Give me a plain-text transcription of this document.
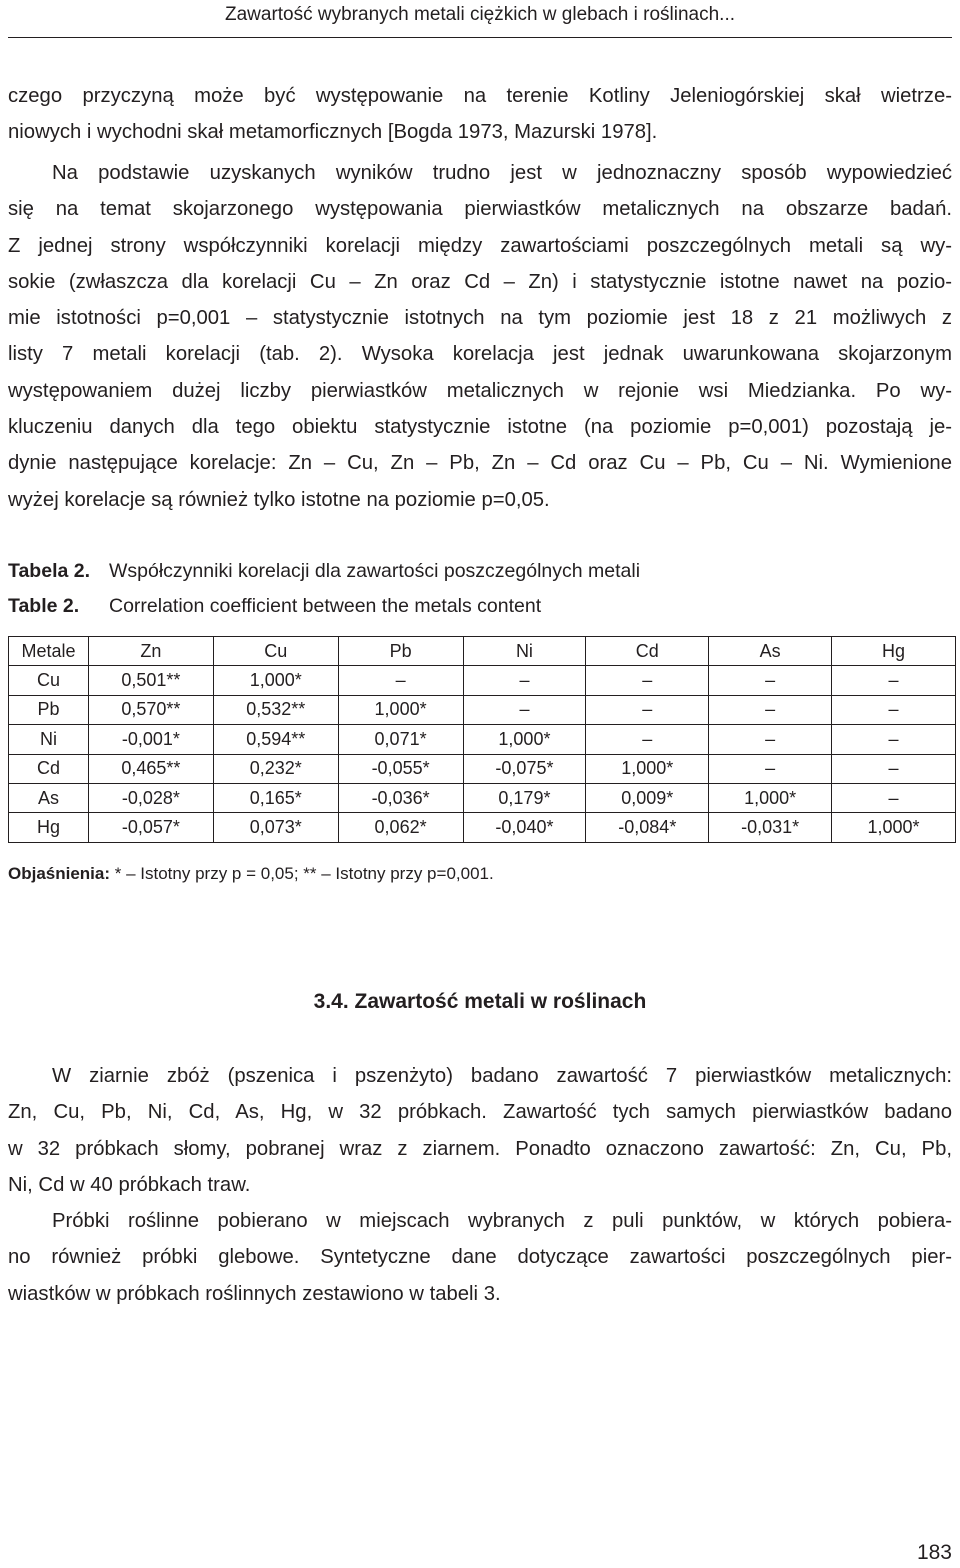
Zawartość wybranych metali ciężkich w glebach i roślinach...
czego przyczyną może być występowanie na terenie Kotliny Jeleniogórskiej skał wietrze-
niowych i wychodni skał metamorficznych [Bogda 1973, Mazurski 1978].
Na podstawie uzyskanych wyników trudno jest w jednoznaczny sposób wypowiedzieć
się na temat skojarzonego występowania pierwiastków metalicznych na obszarze badań.
Z jednej strony współczynniki korelacji między zawartościami poszczególnych metali są wy-
sokie (zwłaszcza dla korelacji Cu – Zn oraz Cd – Zn) i statystycznie istotne nawet na pozio-
mie istotności p=0,001 – statystycznie istotnych na tym poziomie jest 18 z 21 możliwych z
listy 7 metali korelacji (tab. 2). Wysoka korelacja jest jednak uwarunkowana skojarzonym
występowaniem dużej liczby pierwiastków metalicznych w rejonie wsi Miedzianka. Po wy-
kluczeniu danych dla tego obiektu statystycznie istotne (na poziomie p=0,001) pozostają je-
dynie następujące korelacje: Zn – Cu, Zn – Pb, Zn – Cd oraz Cu – Pb, Cu – Ni. Wymienione
wyżej korelacje są również tylko istotne na poziomie p=0,05.
Tabela 2. Współczynniki korelacji dla zawartości poszczególnych metali
Table 2. Correlation coefficient between the metals content
Metale	Zn	Cu	Pb	Ni	Cd	As	Hg
Cu	0,501**	1,000*	–	–	–	–	–
Pb	0,570**	0,532**	1,000*	–	–	–	–
Ni	-0,001*	0,594**	0,071*	1,000*	–	–	–
Cd	0,465**	0,232*	-0,055*	-0,075*	1,000*	–	–
As	-0,028*	0,165*	-0,036*	0,179*	0,009*	1,000*	–
Hg	-0,057*	0,073*	0,062*	-0,040*	-0,084*	-0,031*	1,000*
Objaśnienia: * – Istotny przy p = 0,05; ** – Istotny przy p=0,001.
3.4. Zawartość metali w roślinach
W ziarnie zbóż (pszenica i pszenżyto) badano zawartość 7 pierwiastków metalicznych:
Zn, Cu, Pb, Ni, Cd, As, Hg, w 32 próbkach. Zawartość tych samych pierwiastków badano
w 32 próbkach słomy, pobranej wraz z ziarnem. Ponadto oznaczono zawartość: Zn, Cu, Pb,
Ni, Cd w 40 próbkach traw.
Próbki roślinne pobierano w miejscach wybranych z puli punktów, w których pobiera-
no również próbki glebowe. Syntetyczne dane dotyczące zawartości poszczególnych pier-
wiastków w próbkach roślinnych zestawiono w tabeli 3.
183
